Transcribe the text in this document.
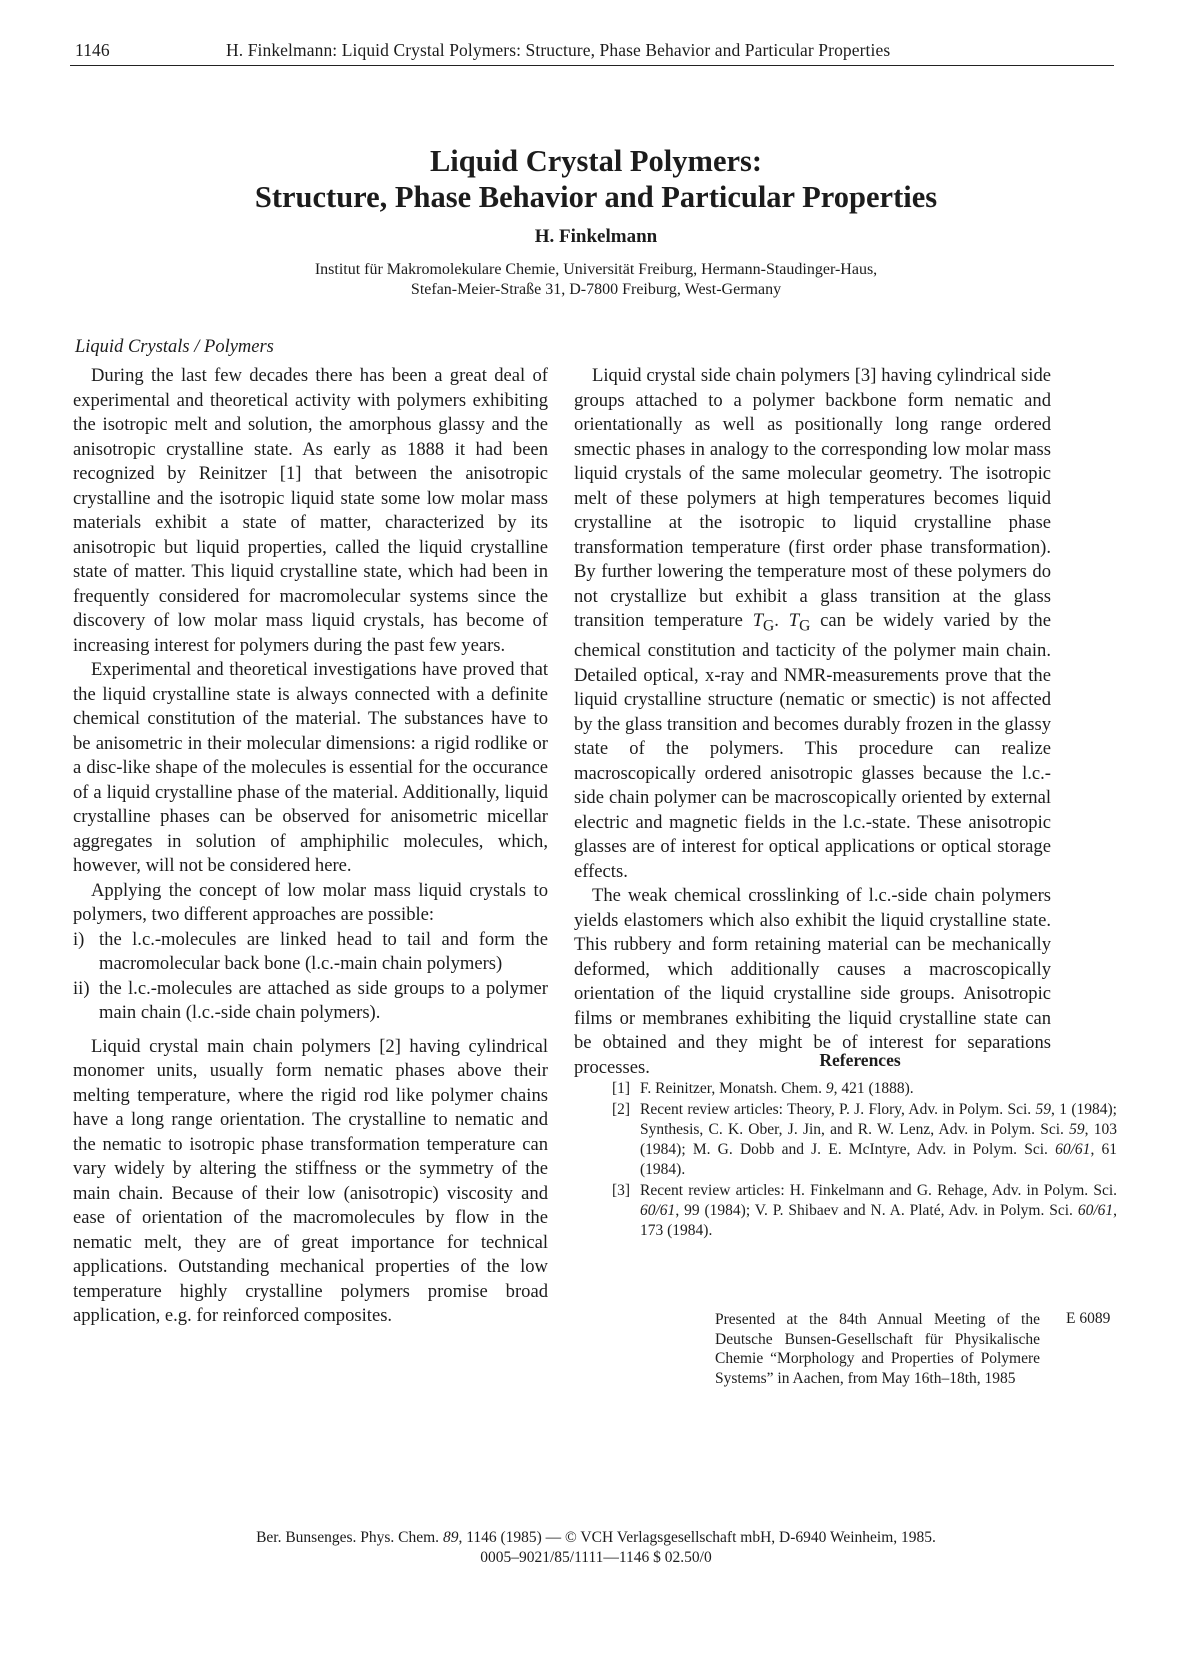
1146	H. Finkelmann: Liquid Crystal Polymers: Structure, Phase Behavior and Particular Properties
Liquid Crystal Polymers:
Structure, Phase Behavior and Particular Properties
H. Finkelmann
Institut für Makromolekulare Chemie, Universität Freiburg, Hermann-Staudinger-Haus,
Stefan-Meier-Straße 31, D-7800 Freiburg, West-Germany
Liquid Crystals / Polymers

During the last few decades there has been a great deal of experimental and theoretical activity with polymers exhibiting the isotropic melt and solution, the amorphous glassy and the anisotropic crystalline state. As early as 1888 it had been recognized by Reinitzer [1] that between the anisotropic crystalline and the isotropic liquid state some low molar mass materials exhibit a state of matter, characterized by its anisotropic but liquid properties, called the liquid crystalline state of matter. This liquid crystalline state, which had been in frequently considered for macromolecular systems since the discovery of low molar mass liquid crystals, has become of increasing interest for polymers during the past few years.

Experimental and theoretical investigations have proved that the liquid crystalline state is always connected with a definite chemical constitution of the material. The substances have to be anisometric in their molecular dimensions: a rigid rodlike or a disc-like shape of the molecules is essential for the occurance of a liquid crystalline phase of the material. Additionally, liquid crystalline phases can be observed for anisometric micellar aggregates in solution of amphiphilic molecules, which, however, will not be considered here.

Applying the concept of low molar mass liquid crystals to polymers, two different approaches are possible:

i) the l.c.-molecules are linked head to tail and form the macromolecular back bone (l.c.-main chain polymers)
ii) the l.c.-molecules are attached as side groups to a polymer main chain (l.c.-side chain polymers).

Liquid crystal main chain polymers [2] having cylindrical monomer units, usually form nematic phases above their melting temperature, where the rigid rod like polymer chains have a long range orientation. The crystalline to nematic and the nematic to isotropic phase transformation temperature can vary widely by altering the stiffness or the symmetry of the main chain. Because of their low (anisotropic) viscosity and ease of orientation of the macromolecules by flow in the nematic melt, they are of great importance for technical applications. Outstanding mechanical properties of the low temperature highly crystalline polymers promise broad application, e.g. for reinforced composites.

Liquid crystal side chain polymers [3] having cylindrical side groups attached to a polymer backbone form nematic and orientationally as well as positionally long range ordered smectic phases in analogy to the corresponding low molar mass liquid crystals of the same molecular geometry. The isotropic melt of these polymers at high temperatures becomes liquid crystalline at the isotropic to liquid crystalline phase transformation temperature (first order phase transformation). By further lowering the temperature most of these polymers do not crystallize but exhibit a glass transition at the glass transition temperature $T_G$. $T_G$ can be widely varied by the chemical constitution and tacticity of the polymer main chain. Detailed optical, x-ray and NMR-measurements prove that the liquid crystalline structure (nematic or smectic) is not affected by the glass transition and becomes durably frozen in the glassy state of the polymers. This procedure can realize macroscopically ordered anisotropic glasses because the l.c.-side chain polymer can be macroscopically oriented by external electric and magnetic fields in the l.c.-state. These anisotropic glasses are of interest for optical applications or optical storage effects.

The weak chemical crosslinking of l.c.-side chain polymers yields elastomers which also exhibit the liquid crystalline state. This rubbery and form retaining material can be mechanically deformed, which additionally causes a macroscopically orientation of the liquid crystalline side groups. Anisotropic films or membranes exhibiting the liquid crystalline state can be obtained and they might be of interest for separations processes.	References
[1] F. Reinitzer, Monatsh. Chem. 9, 421 (1888).
[2] Recent review articles: Theory, P. J. Flory, Adv. in Polym. Sci. 59, 1 (1984); Synthesis, C. K. Ober, J. Jin, and R. W. Lenz, Adv. in Polym. Sci. 59, 103 (1984); M. G. Dobb and J. E. McIntyre, Adv. in Polym. Sci. 60/61, 61 (1984).
[3] Recent review articles: H. Finkelmann and G. Rehage, Adv. in Polym. Sci. 60/61, 99 (1984); V. P. Shibaev and N. A. Platé, Adv. in Polym. Sci. 60/61, 173 (1984).
Presented at the 84th Annual Meeting of the Deutsche Bunsen-Gesellschaft für Physikalische Chemie “Morphology and Properties of Polymere Systems” in Aachen, from May 16th–18th, 1985
E 6089
Ber. Bunsenges. Phys. Chem. 89, 1146 (1985) — © VCH Verlagsgesellschaft mbH, D-6940 Weinheim, 1985.
0005–9021/85/1111—1146 $ 02.50/0
